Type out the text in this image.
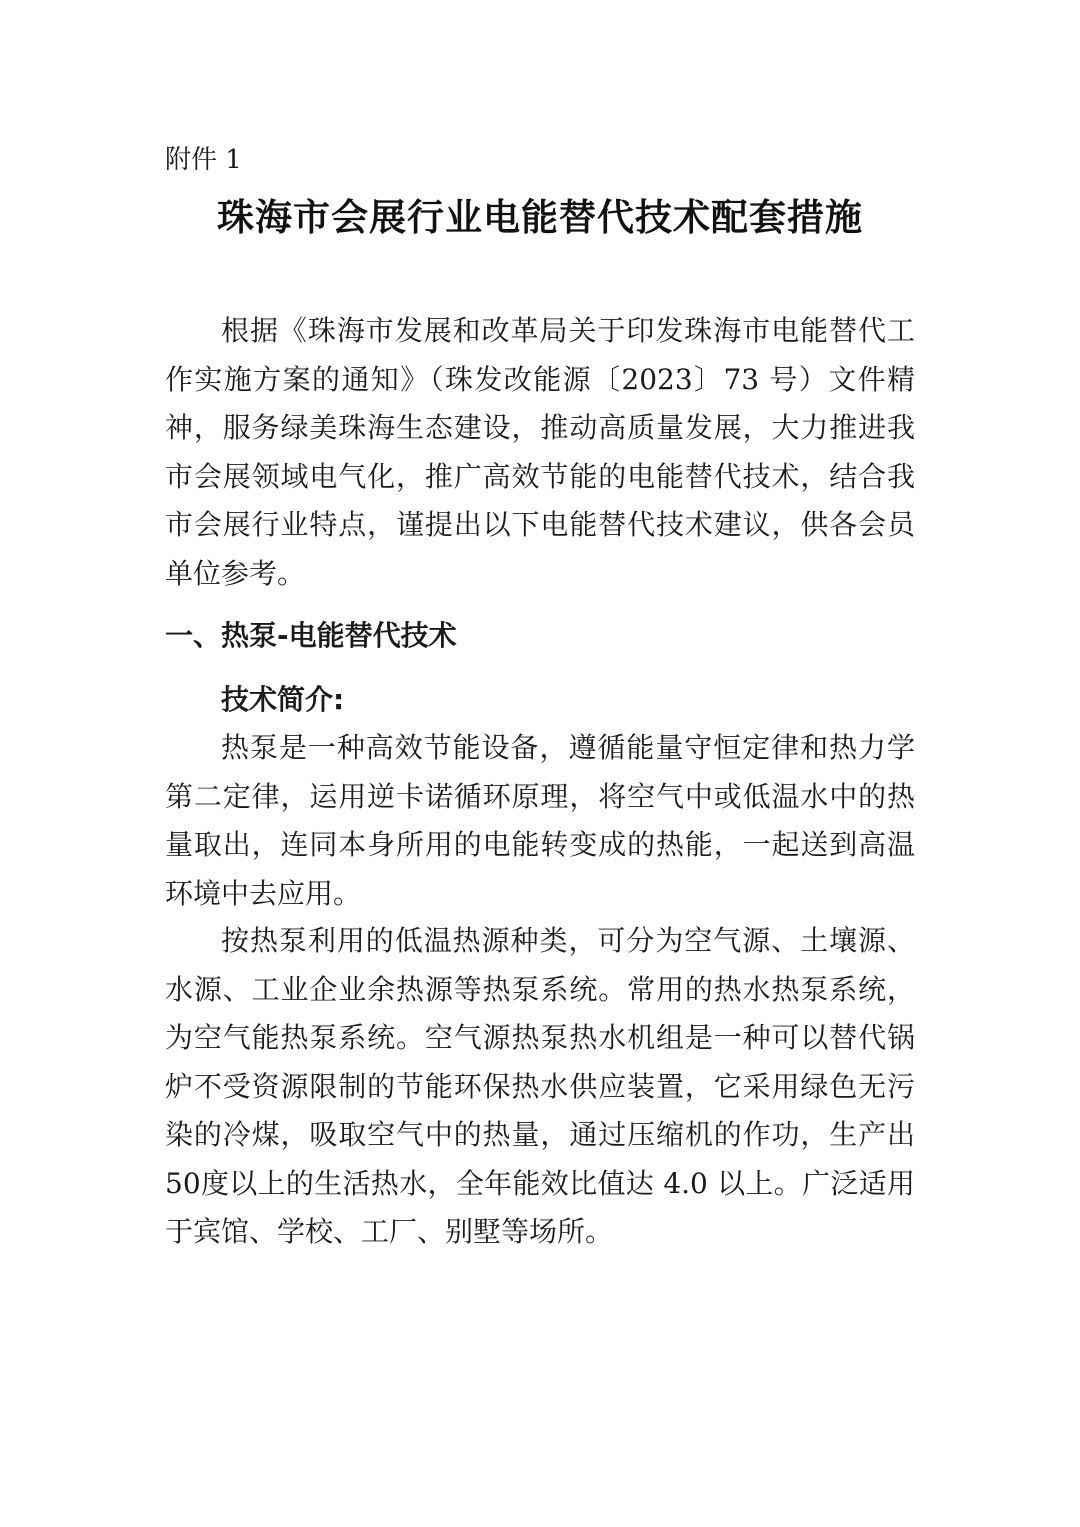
附件 1
珠海市会展行业电能替代技术配套措施

根据《珠海市发展和改革局关于印发珠海市电能替代工作实施方案的通知》（珠发改能源〔2023〕73 号）文件精神，服务绿美珠海生态建设，推动高质量发展，大力推进我市会展领域电气化，推广高效节能的电能替代技术，结合我市会展行业特点，谨提出以下电能替代技术建议，供各会员单位参考。

一、热泵-电能替代技术
技术简介:

热泵是一种高效节能设备，遵循能量守恒定律和热力学第二定律，运用逆卡诺循环原理，将空气中或低温水中的热量取出，连同本身所用的电能转变成的热能，一起送到高温环境中去应用。

按热泵利用的低温热源种类，可分为空气源、土壤源、水源、工业企业余热源等热泵系统。常用的热水热泵系统，为空气能热泵系统。空气源热泵热水机组是一种可以替代锅炉不受资源限制的节能环保热水供应装置，它采用绿色无污染的冷煤，吸取空气中的热量，通过压缩机的作功，生产出50度以上的生活热水，全年能效比值达 4.0 以上。广泛适用于宾馆、学校、工厂、别墅等场所。
